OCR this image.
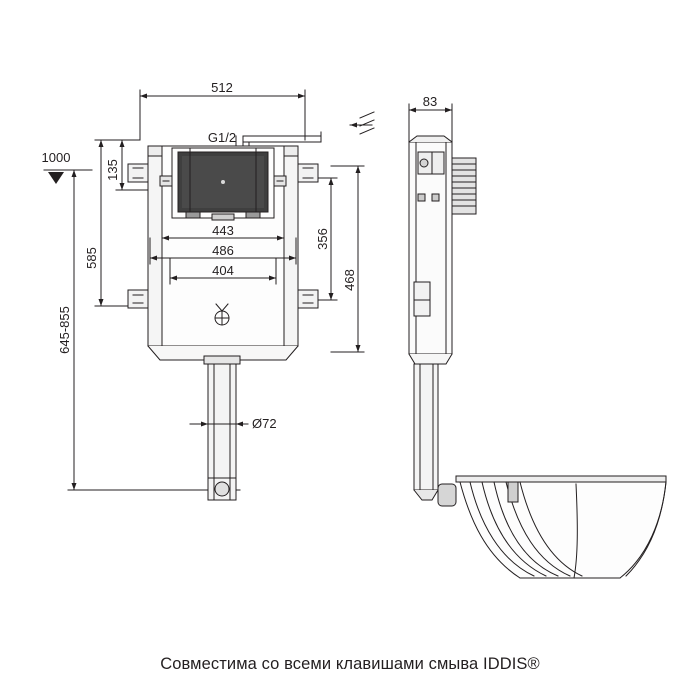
512
135
G1/2
443
486
404
356
468
585
645-855
1000
83
Ø72
Совместима со всеми клавишами смыва IDDIS®
